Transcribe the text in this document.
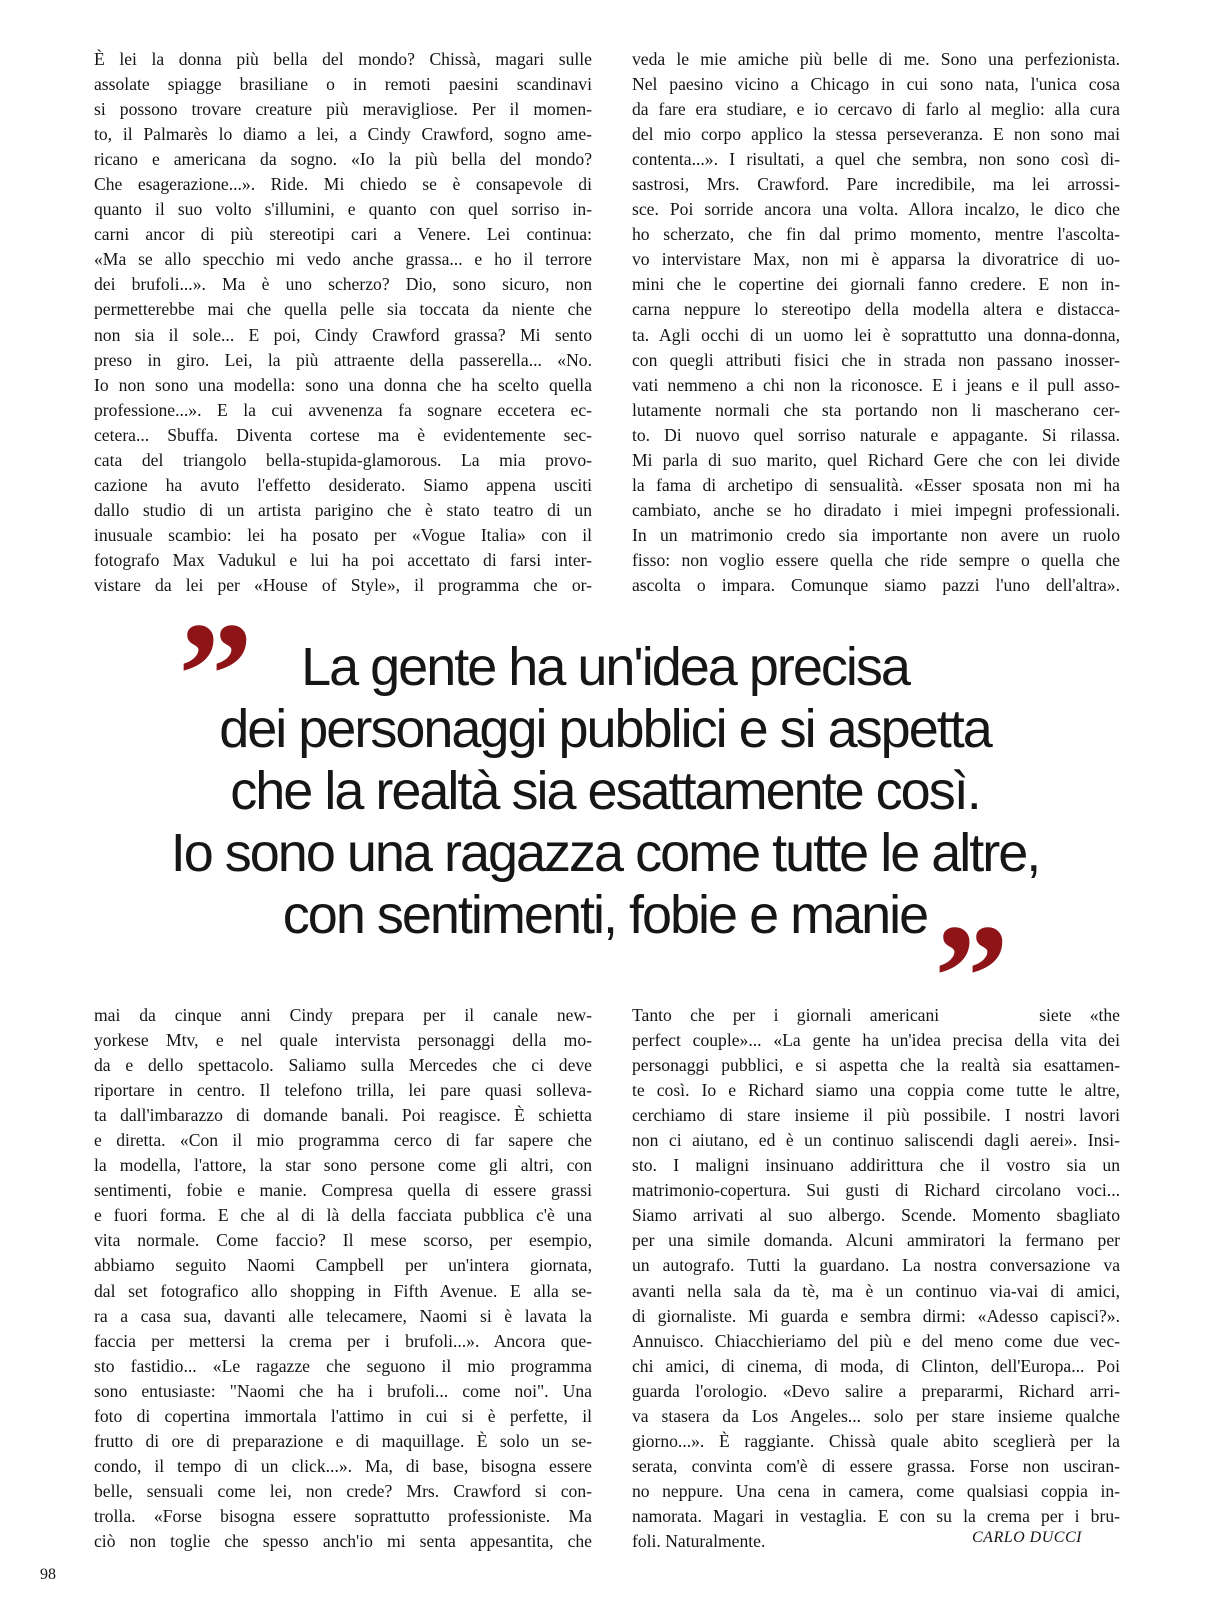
È lei la donna più bella del mondo? Chissà, magari sulle
assolate spiagge brasiliane o in remoti paesini scandinavi
si possono trovare creature più meravigliose. Per il momen-
to, il Palmarès lo diamo a lei, a Cindy Crawford, sogno ame-
ricano e americana da sogno. «Io la più bella del mondo?
Che esagerazione...». Ride. Mi chiedo se è consapevole di
quanto il suo volto s'illumini, e quanto con quel sorriso in-
carni ancor di più stereotipi cari a Venere. Lei continua:
«Ma se allo specchio mi vedo anche grassa... e ho il terrore
dei brufoli...». Ma è uno scherzo? Dio, sono sicuro, non
permetterebbe mai che quella pelle sia toccata da niente che
non sia il sole... E poi, Cindy Crawford grassa? Mi sento
preso in giro. Lei, la più attraente della passerella... «No.
Io non sono una modella: sono una donna che ha scelto quella
professione...». E la cui avvenenza fa sognare eccetera ec-
cetera... Sbuffa. Diventa cortese ma è evidentemente sec-
cata del triangolo bella-stupida-glamorous. La mia provo-
cazione ha avuto l'effetto desiderato. Siamo appena usciti
dallo studio di un artista parigino che è stato teatro di un
inusuale scambio: lei ha posato per «Vogue Italia» con il
fotografo Max Vadukul e lui ha poi accettato di farsi inter-
vistare da lei per «House of Style», il programma che or-
veda le mie amiche più belle di me. Sono una perfezionista.
Nel paesino vicino a Chicago in cui sono nata, l'unica cosa
da fare era studiare, e io cercavo di farlo al meglio: alla cura
del mio corpo applico la stessa perseveranza. E non sono mai
contenta...». I risultati, a quel che sembra, non sono così di-
sastrosi, Mrs. Crawford. Pare incredibile, ma lei arrossi-
sce. Poi sorride ancora una volta. Allora incalzo, le dico che
ho scherzato, che fin dal primo momento, mentre l'ascolta-
vo intervistare Max, non mi è apparsa la divoratrice di uo-
mini che le copertine dei giornali fanno credere. E non in-
carna neppure lo stereotipo della modella altera e distacca-
ta. Agli occhi di un uomo lei è soprattutto una donna-donna,
con quegli attributi fisici che in strada non passano inosser-
vati nemmeno a chi non la riconosce. E i jeans e il pull asso-
lutamente normali che sta portando non li mascherano cer-
to. Di nuovo quel sorriso naturale e appagante. Si rilassa.
Mi parla di suo marito, quel Richard Gere che con lei divide
la fama di archetipo di sensualità. «Esser sposata non mi ha
cambiato, anche se ho diradato i miei impegni professionali.
In un matrimonio credo sia importante non avere un ruolo
fisso: non voglio essere quella che ride sempre o quella che
ascolta o impara. Comunque siamo pazzi l'uno dell'altra».
” La gente ha un'idea precisa
dei personaggi pubblici e si aspetta
che la realtà sia esattamente così.
Io sono una ragazza come tutte le altre,
con sentimenti, fobie e manie ”
mai da cinque anni Cindy prepara per il canale new-
yorkese Mtv, e nel quale intervista personaggi della mo-
da e dello spettacolo. Saliamo sulla Mercedes che ci deve
riportare in centro. Il telefono trilla, lei pare quasi solleva-
ta dall'imbarazzo di domande banali. Poi reagisce. È schietta
e diretta. «Con il mio programma cerco di far sapere che
la modella, l'attore, la star sono persone come gli altri, con
sentimenti, fobie e manie. Compresa quella di essere grassi
e fuori forma. E che al di là della facciata pubblica c'è una
vita normale. Come faccio? Il mese scorso, per esempio,
abbiamo seguito Naomi Campbell per un'intera giornata,
dal set fotografico allo shopping in Fifth Avenue. E alla se-
ra a casa sua, davanti alle telecamere, Naomi si è lavata la
faccia per mettersi la crema per i brufoli...». Ancora que-
sto fastidio... «Le ragazze che seguono il mio programma
sono entusiaste: "Naomi che ha i brufoli... come noi". Una
foto di copertina immortala l'attimo in cui si è perfette, il
frutto di ore di preparazione e di maquillage. È solo un se-
condo, il tempo di un click...». Ma, di base, bisogna essere
belle, sensuali come lei, non crede? Mrs. Crawford si con-
trolla. «Forse bisogna essere soprattutto professioniste. Ma
ciò non toglie che spesso anch'io mi senta appesantita, che
Tanto che per i giornali americani	siete «the
perfect couple»... «La gente ha un'idea precisa della vita dei
personaggi pubblici, e si aspetta che la realtà sia esattamen-
te così. Io e Richard siamo una coppia come tutte le altre,
cerchiamo di stare insieme il più possibile. I nostri lavori
non ci aiutano, ed è un continuo saliscendi dagli aerei». Insi-
sto. I maligni insinuano addirittura che il vostro sia un
matrimonio-copertura. Sui gusti di Richard circolano voci...
Siamo arrivati al suo albergo. Scende. Momento sbagliato
per una simile domanda. Alcuni ammiratori la fermano per
un autografo. Tutti la guardano. La nostra conversazione va
avanti nella sala da tè, ma è un continuo via-vai di amici,
di giornaliste. Mi guarda e sembra dirmi: «Adesso capisci?».
Annuisco. Chiacchieriamo del più e del meno come due vec-
chi amici, di cinema, di moda, di Clinton, dell'Europa... Poi
guarda l'orologio. «Devo salire a prepararmi, Richard arri-
va stasera da Los Angeles... solo per stare insieme qualche
giorno...». È raggiante. Chissà quale abito sceglierà per la
serata, convinta com'è di essere grassa. Forse non usciran-
no neppure. Una cena in camera, come qualsiasi coppia in-
namorata. Magari in vestaglia. E con su la crema per i bru-
foli. Naturalmente.	CARLO DUCCI
98
